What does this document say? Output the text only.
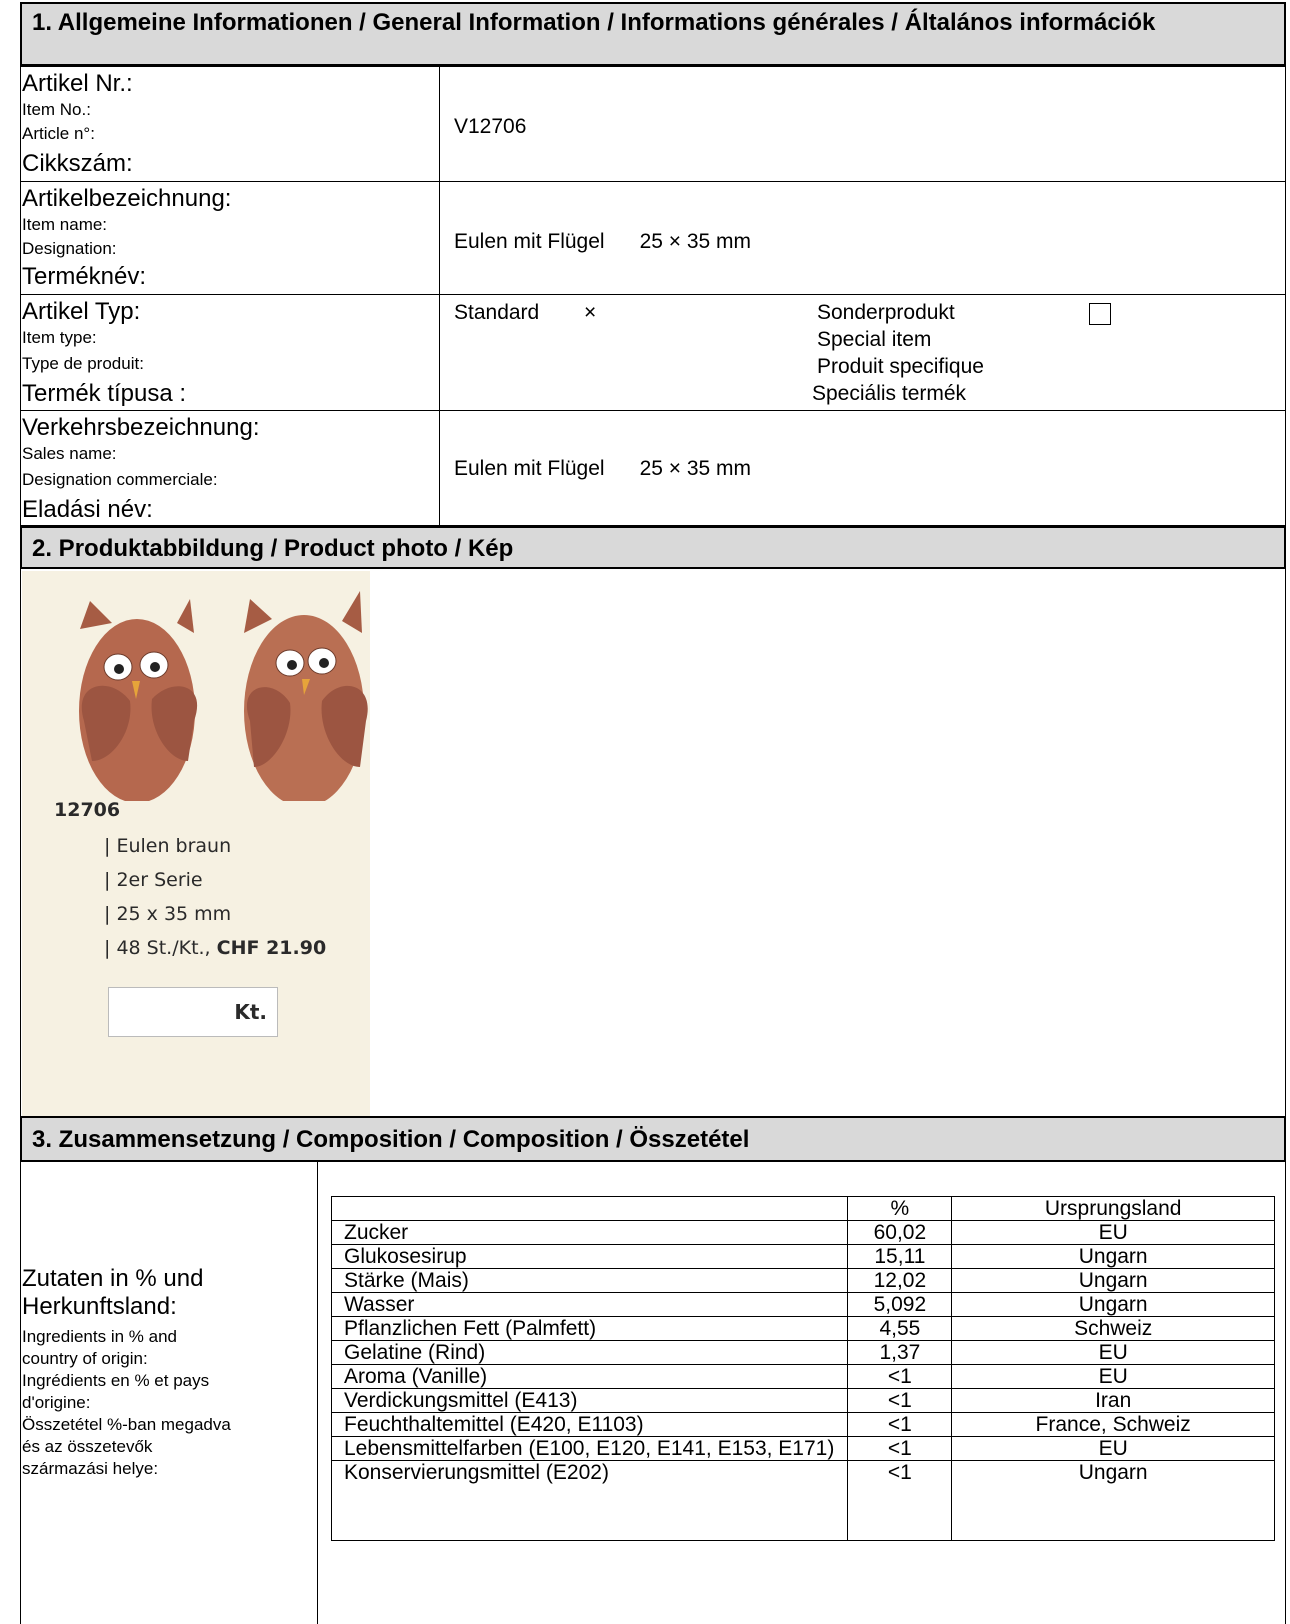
1. Allgemeine Informationen / General Information / Informations générales / Általános információk
Artikel Nr.:
Item No.:
Article n°:
Cikkszám:
V12706
Artikelbezeichnung:
Item name:
Designation:
Terméknév:
Eulen mit Flügel      25 × 35 mm
Artikel Typ:
Item type:
Type de produit:
Termék típusa :
Standard ×	Sonderprodukt
Special item
Produit specifique
Speciális termék
Verkehrsbezeichnung:
Sales name:
Designation commerciale:
Eladási név:
Eulen mit Flügel      25 × 35 mm
2. Produktabbildung / Product photo / Kép
12706
| Eulen braun
| 2er Serie
| 25 x 35 mm
| 48 St./Kt., CHF 21.90
Kt.
3. Zusammensetzung / Composition / Composition / Összetétel
Zutaten in % und
Herkunftsland:
Ingredients in % and
country of origin:
Ingrédients en % et pays
d'origine:
Összetétel %-ban megadva
és az összetevők
származási helye:
	%	Ursprungsland
Zucker	60,02	EU
Glukosesirup	15,11	Ungarn
Stärke (Mais)	12,02	Ungarn
Wasser	5,092	Ungarn
Pflanzlichen Fett (Palmfett)	4,55	Schweiz
Gelatine (Rind)	1,37	EU
Aroma (Vanille)	<1	EU
Verdickungsmittel (E413)	<1	Iran
Feuchthaltemittel (E420, E1103)	<1	France, Schweiz
Lebensmittelfarben (E100, E120, E141, E153, E171)	<1	EU
Konservierungsmittel (E202)	<1	Ungarn
